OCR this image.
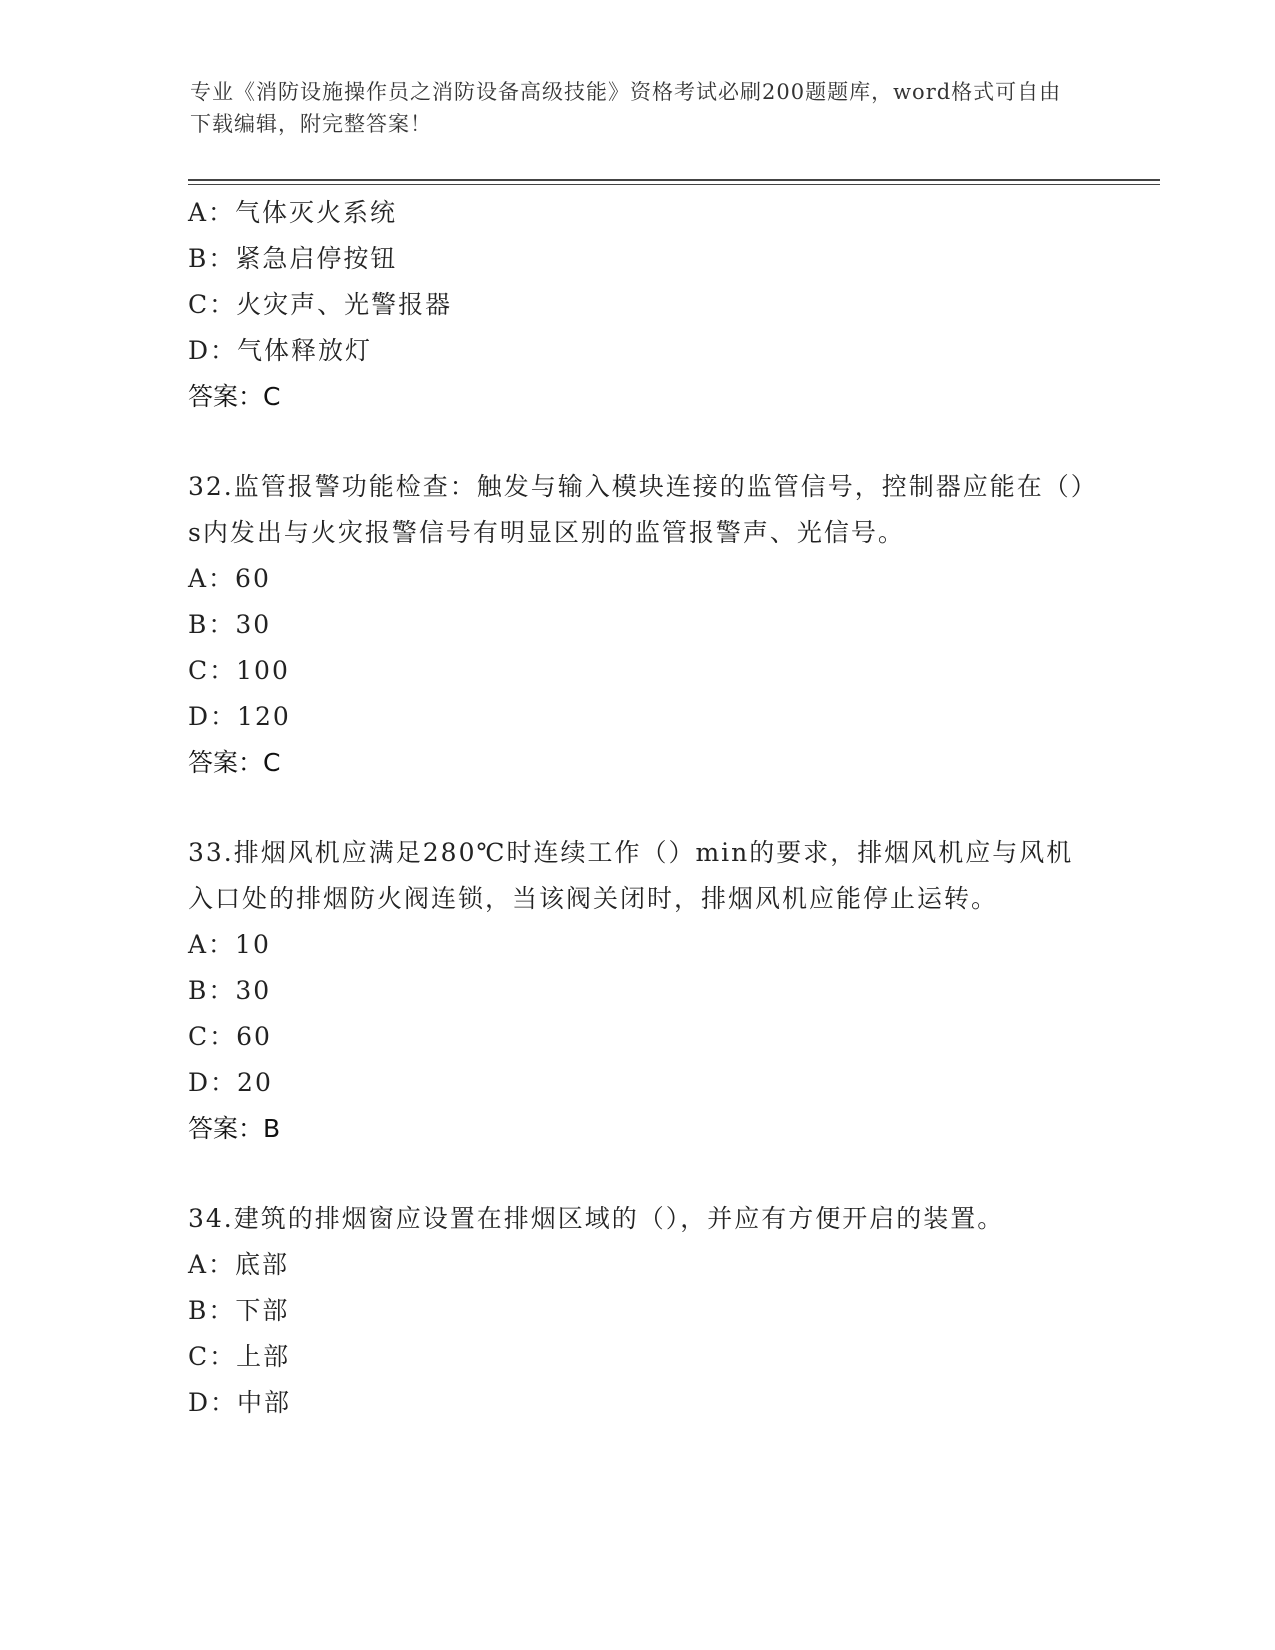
专业《消防设施操作员之消防设备高级技能》资格考试必刷200题题库，word格式可自由下载编辑，附完整答案！
A：气体灭火系统
B：紧急启停按钮
C：火灾声、光警报器
D：气体释放灯
答案：C
32.监管报警功能检查：触发与输入模块连接的监管信号，控制器应能在（）s内发出与火灾报警信号有明显区别的监管报警声、光信号。
A：60
B：30
C：100
D：120
答案：C
33.排烟风机应满足280℃时连续工作（）min的要求，排烟风机应与风机入口处的排烟防火阀连锁，当该阀关闭时，排烟风机应能停止运转。
A：10
B：30
C：60
D：20
答案：B
34.建筑的排烟窗应设置在排烟区域的（），并应有方便开启的装置。
A：底部
B：下部
C：上部
D：中部
